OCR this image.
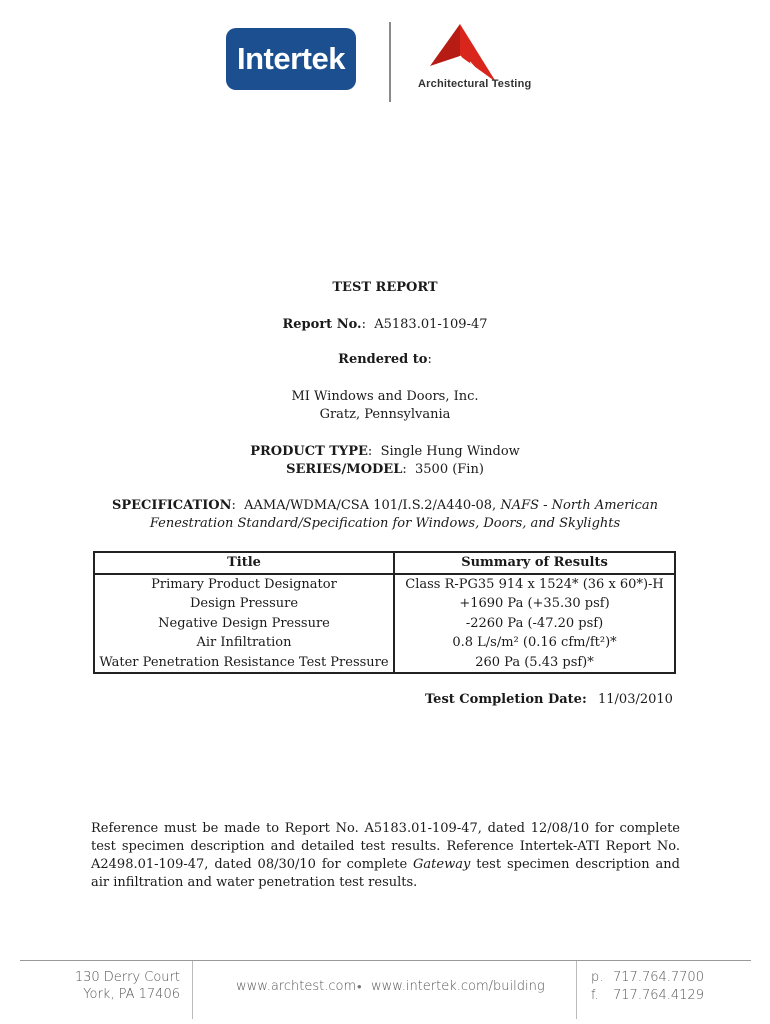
Intertek
Architectural Testing
TEST REPORT
Report No.:  A5183.01-109-47
Rendered to:
MI Windows and Doors, Inc.
Gratz, Pennsylvania
PRODUCT TYPE:  Single Hung Window
SERIES/MODEL:  3500 (Fin)
SPECIFICATION:  AAMA/WDMA/CSA 101/I.S.2/A440-08, NAFS - North American
Fenestration Standard/Specification for Windows, Doors, and Skylights
Title	Summary of Results
Primary Product Designator	Class R-PG35 914 x 1524* (36 x 60*)-H
Design Pressure	+1690 Pa (+35.30 psf)
Negative Design Pressure	-2260 Pa (-47.20 psf)
Air Infiltration	0.8 L/s/m² (0.16 cfm/ft²)*
Water Penetration Resistance Test Pressure	260 Pa (5.43 psf)*
Test Completion Date: 11/03/2010
Reference must be made to Report No. A5183.01-109-47, dated 12/08/10 for complete test specimen description and detailed test results. Reference Intertek-ATI Report No. A2498.01-109-47, dated 08/30/10 for complete Gateway test specimen description and air infiltration and water penetration test results.
130 Derry Court
York, PA 17406
www.archtest.com • www.intertek.com/building
p. 717.764.7700
f. 717.764.4129
